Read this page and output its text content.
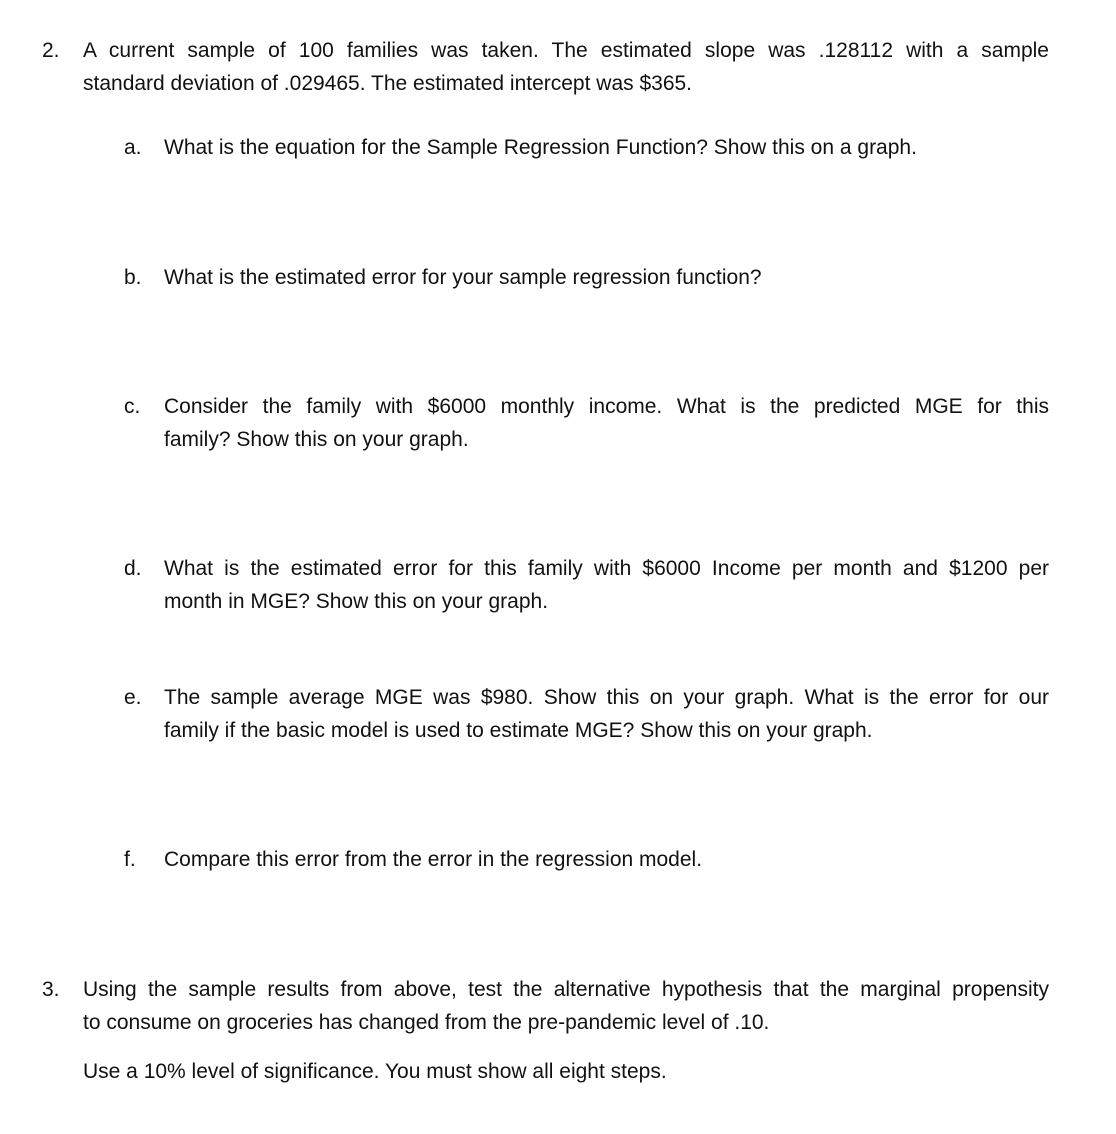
2. A current sample of 100 families was taken. The estimated slope was .128112 with a sample
standard deviation of .029465. The estimated intercept was $365.
a. What is the equation for the Sample Regression Function? Show this on a graph.
b. What is the estimated error for your sample regression function?
c. Consider the family with $6000 monthly income. What is the predicted MGE for this
family? Show this on your graph.
d. What is the estimated error for this family with $6000 Income per month and $1200 per
month in MGE? Show this on your graph.
e. The sample average MGE was $980. Show this on your graph. What is the error for our
family if the basic model is used to estimate MGE? Show this on your graph.
f. Compare this error from the error in the regression model.
3. Using the sample results from above, test the alternative hypothesis that the marginal propensity
to consume on groceries has changed from the pre-pandemic level of .10.
Use a 10% level of significance. You must show all eight steps.
